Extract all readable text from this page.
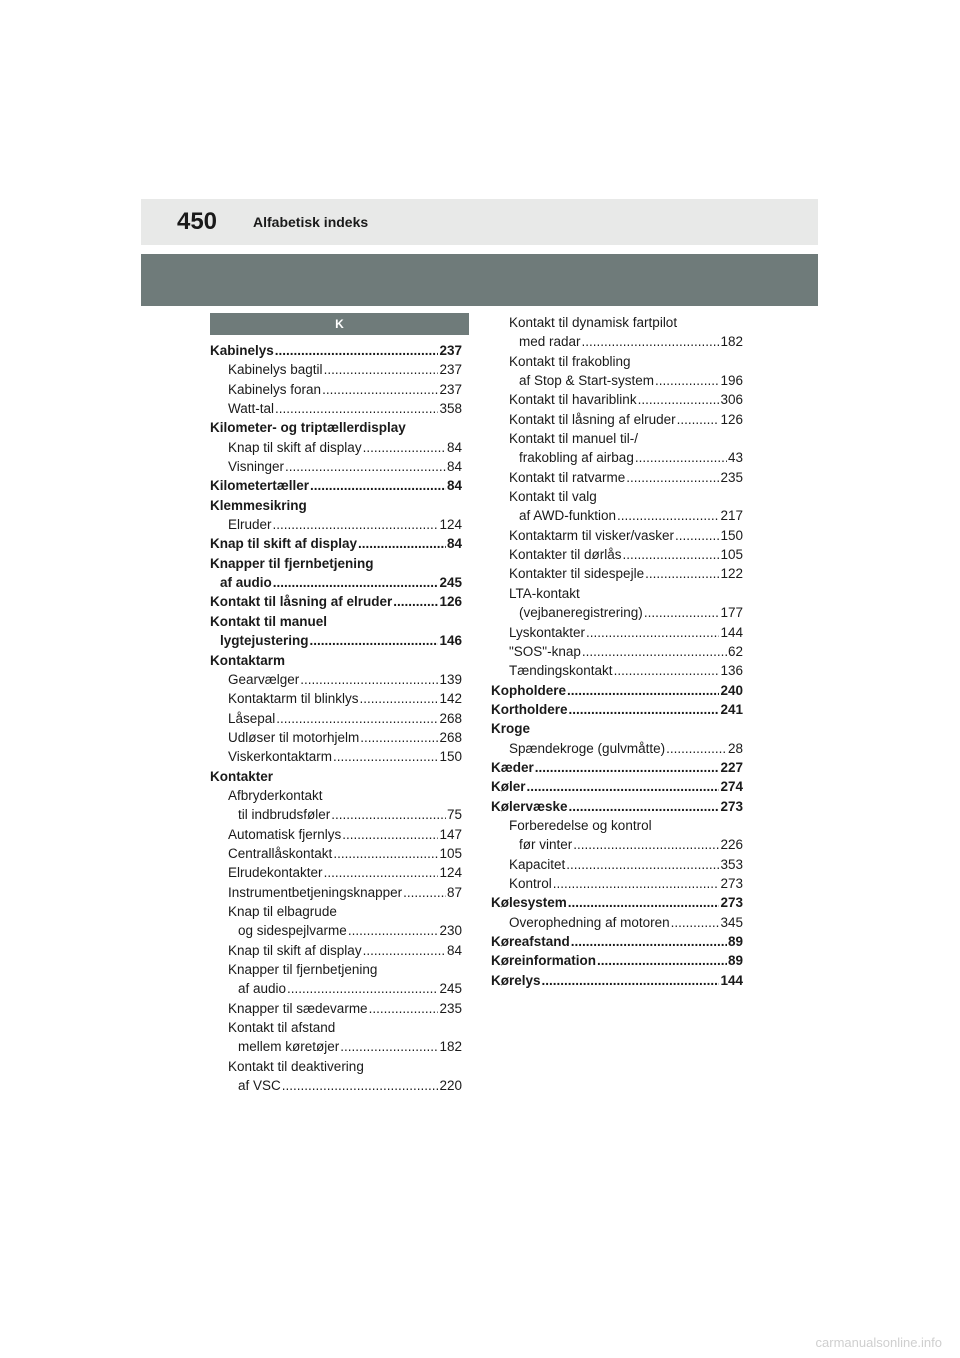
450	Alfabetisk indeks
K
Kabinelys .....	237
Kabinelys bagtil .....	237
Kabinelys foran .....	237
Watt-tal .....	358
Kilometer- og triptællerdisplay
Knap til skift af display .....	84
Visninger .....	84
Kilometertæller .....	84
Klemmesikring
Elruder .....	124
Knap til skift af display .....	84
Knapper til fjernbetjening
af audio .....	245
Kontakt til låsning af elruder .....	126
Kontakt til manuel
lygtejustering .....	146
Kontaktarm
Gearvælger .....	139
Kontaktarm til blinklys .....	142
Låsepal .....	268
Udløser til motorhjelm .....	268
Viskerkontaktarm .....	150
Kontakter
Afbryderkontakt
til indbrudsføler .....	75
Automatisk fjernlys .....	147
Centrallåskontakt .....	105
Elrudekontakter .....	124
Instrumentbetjeningsknapper .....	87
Knap til elbagrude
og sidespejlvarme .....	230
Knap til skift af display .....	84
Knapper til fjernbetjening
af audio .....	245
Knapper til sædevarme .....	235
Kontakt til afstand
mellem køretøjer .....	182
Kontakt til deaktivering
af VSC .....	220
Kontakt til dynamisk fartpilot
med radar .....	182
Kontakt til frakobling
af Stop & Start-system .....	196
Kontakt til havariblink .....	306
Kontakt til låsning af elruder .....	126
Kontakt til manuel til-/
frakobling af airbag .....	43
Kontakt til ratvarme .....	235
Kontakt til valg
af AWD-funktion .....	217
Kontaktarm til visker/vasker .....	150
Kontakter til dørlås .....	105
Kontakter til sidespejle .....	122
LTA-kontakt
(vejbaneregistrering) .....	177
Lyskontakter .....	144
"SOS"-knap .....	62
Tændingskontakt .....	136
Kopholdere .....	240
Kortholdere .....	241
Kroge
Spændekroge (gulvmåtte) .....	28
Kæder .....	227
Køler .....	274
Kølervæske .....	273
Forberedelse og kontrol
før vinter .....	226
Kapacitet .....	353
Kontrol .....	273
Kølesystem .....	273
Overophedning af motoren .....	345
Køreafstand .....	89
Køreinformation .....	89
Kørelys .....	144
carmanualsonline.info
